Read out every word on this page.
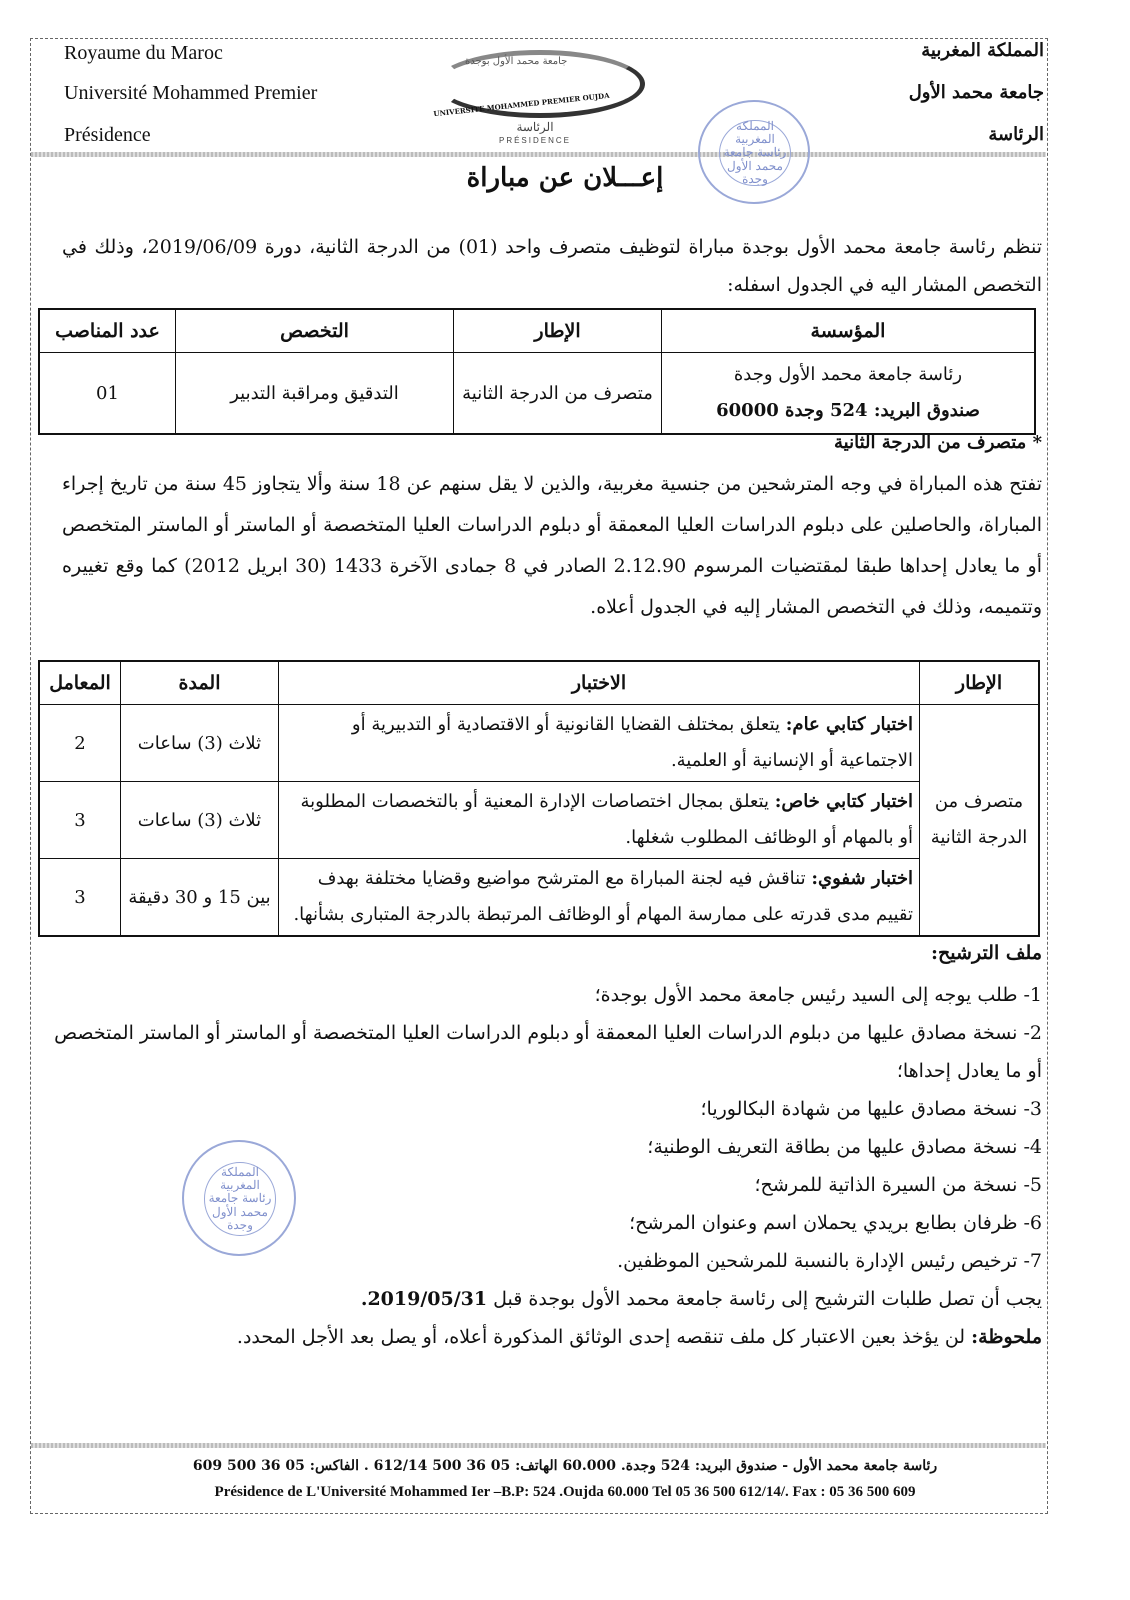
Royaume du Maroc
Université Mohammed Premier
Présidence
المملكة المغربية
جامعة محمد الأول
الرئاسة
جامعة محمد الأول بوجدة
UNIVERSITE MOHAMMED PREMIER OUJDA
الرئاسة
PRÉSIDENCE
المملكة المغربية رئاسة جامعة محمد الأول وجدة
المملكة المغربية رئاسة جامعة محمد الأول وجدة
إعـــلان عن مباراة
تنظم رئاسة جامعة محمد الأول بوجدة مباراة لتوظيف متصرف واحد (01) من الدرجة الثانية، دورة 2019/06/09، وذلك في التخصص المشار اليه في الجدول اسفله:
المؤسسة	الإطار	التخصص	عدد المناصب

رئاسة جامعة محمد الأول وجدة
صندوق البريد: 524 وجدة 60000	متصرف من الدرجة الثانية	التدقيق ومراقبة التدبير	01
* متصرف من الدرجة الثانية
تفتح هذه المباراة في وجه المترشحين من جنسية مغربية، والذين لا يقل سنهم عن 18 سنة وألا يتجاوز 45 سنة من تاريخ إجراء المباراة، والحاصلين على دبلوم الدراسات العليا المعمقة أو دبلوم الدراسات العليا المتخصصة أو الماستر أو الماستر المتخصص أو ما يعادل إحداها طبقا لمقتضيات المرسوم 2.12.90 الصادر في 8 جمادى الآخرة 1433 (30 ابريل 2012) كما وقع تغييره وتتميمه، وذلك في التخصص المشار إليه في الجدول أعلاه.
الإطار	الاختبار	المدة	المعامل
متصرف من الدرجة الثانية	اختبار كتابي عام: يتعلق بمختلف القضايا القانونية أو الاقتصادية أو التدبيرية أو الاجتماعية أو الإنسانية أو العلمية.	ثلاث (3) ساعات	2
	اختبار كتابي خاص: يتعلق بمجال اختصاصات الإدارة المعنية أو بالتخصصات المطلوبة أو بالمهام أو الوظائف المطلوب شغلها.	ثلاث (3) ساعات	3
	اختبار شفوي: تناقش فيه لجنة المباراة مع المترشح مواضيع وقضايا مختلفة بهدف تقييم مدى قدرته على ممارسة المهام أو الوظائف المرتبطة بالدرجة المتبارى بشأنها.	بين 15 و 30 دقيقة	3
ملف الترشيح:
1- طلب يوجه إلى السيد رئيس جامعة محمد الأول بوجدة؛
2- نسخة مصادق عليها من دبلوم الدراسات العليا المعمقة أو دبلوم الدراسات العليا المتخصصة أو الماستر أو الماستر المتخصص أو ما يعادل إحداها؛
3- نسخة مصادق عليها من شهادة البكالوريا؛
4- نسخة مصادق عليها من بطاقة التعريف الوطنية؛
5- نسخة من السيرة الذاتية للمرشح؛
6- ظرفان بطابع بريدي يحملان اسم وعنوان المرشح؛
7- ترخيص رئيس الإدارة بالنسبة للمرشحين الموظفين.
يجب أن تصل طلبات الترشيح إلى رئاسة جامعة محمد الأول بوجدة قبل 2019/05/31.
ملحوظة: لن يؤخذ بعين الاعتبار كل ملف تنقصه إحدى الوثائق المذكورة أعلاه، أو يصل بعد الأجل المحدد.
رئاسة جامعة محمد الأول - صندوق البريد: 524 وجدة. 60.000 الهاتف: 05 36 500 612/14 . الفاكس: 05 36 500 609
Présidence de L'Université Mohammed Ier –B.P: 524 .Oujda 60.000 Tel 05 36 500 612/14/. Fax : 05 36 500 609
